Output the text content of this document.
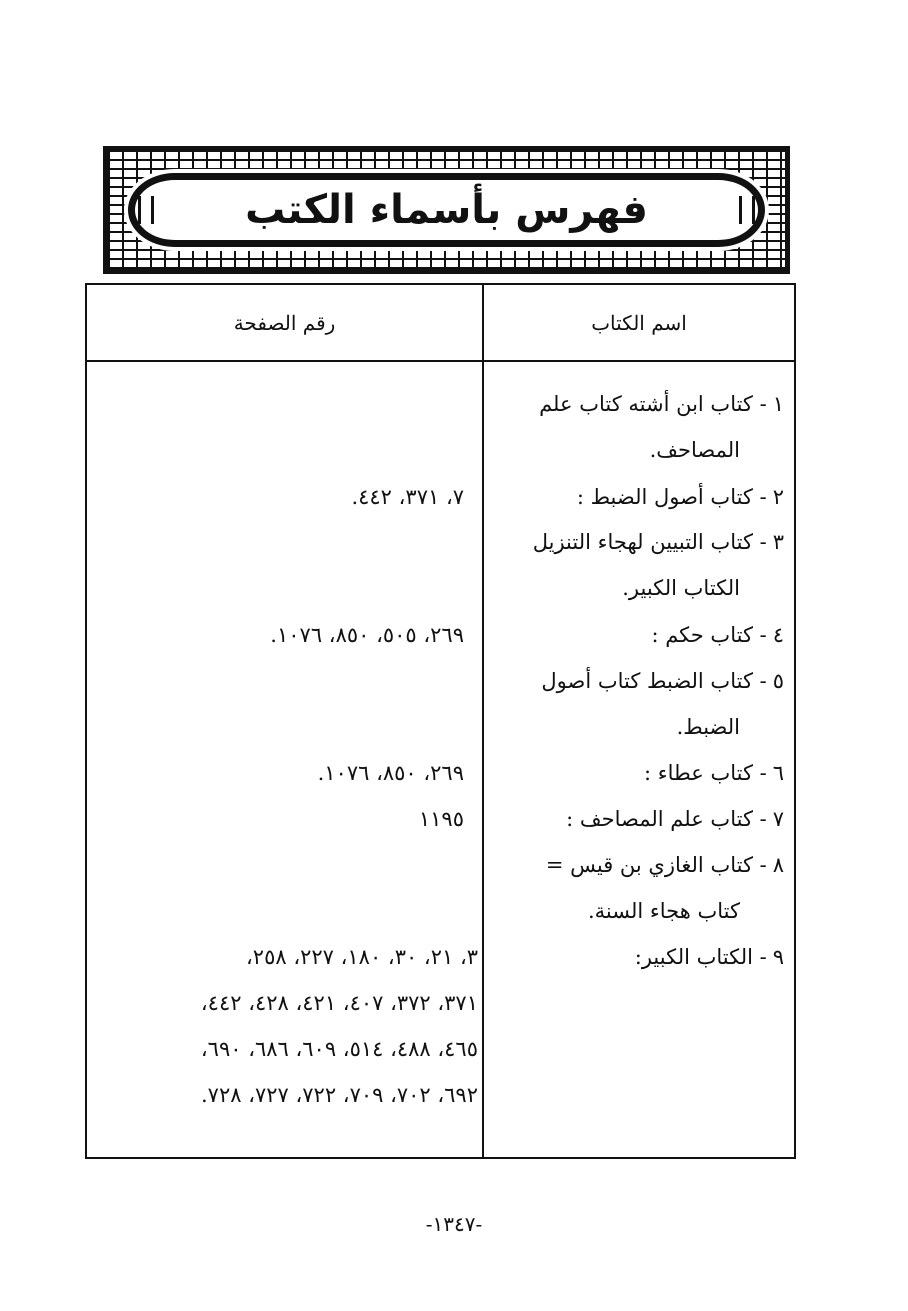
فهرس بأسماء الكتب
اسم الكتاب
رقم الصفحة
١- كتاب ابن أشته كتاب علم
المصاحف.
٢- كتاب أصول الضبط :
٧، ٣٧١، ٤٤٢.
٣- كتاب التبيين لهجاء التنزيل
الكتاب الكبير.
٤- كتاب حكم :
٢٦٩، ٥٠٥، ٨٥٠، ١٠٧٦.
٥- كتاب الضبط كتاب أصول
الضبط.
٦- كتاب عطاء :
٢٦٩، ٨٥٠، ١٠٧٦.
٧- كتاب علم المصاحف :
١١٩٥
٨- كتاب الغازي بن قيس =
كتاب هجاء السنة.
٩- الكتاب الكبير:
٣، ٢١، ٣٠، ١٨٠، ٢٢٧، ٢٥٨،
٣٧١، ٣٧٢، ٤٠٧، ٤٢١، ٤٢٨، ٤٤٢،
٤٦٥، ٤٨٨، ٥١٤، ٦٠٩، ٦٨٦، ٦٩٠،
٦٩٢، ٧٠٢، ٧٠٩، ٧٢٢، ٧٢٧، ٧٢٨.
-١٣٤٧-
